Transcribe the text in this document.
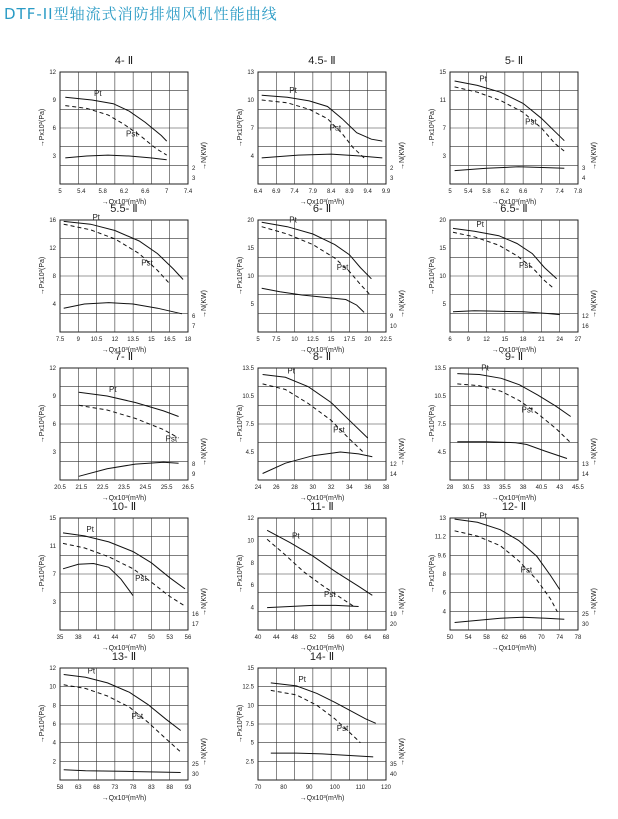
DTF-II型轴流式消防排烟风机性能曲线
4- Ⅱ
5	5.4 5.8 6.2 6.6	7	7.4
3
6
9
12
2
3
→Qx10³(m³/h)
→Px10²(Pa)
→N(KW)
Pt
Pst
4.5- Ⅱ
6.4 6.9 7.4 7.9 8.4 8.9 9.4 9.9
4
7
10
13
2
3
→Qx10³(m³/h)
→Px10²(Pa)
→N(KW)
Pt
Pst
5- Ⅱ
5 5.4 5.8 6.2 6.6 7 7.4 7.8
3
7
11
15
3
4
→Qx10³(m³/h)
→Px10²(Pa)
→N(KW)
Pt
Pst
5.5- Ⅱ
7.5 9 10.5 12 13.5 15 16.5 18
4
8
12
16
6
7
→Qx10³(m³/h)
→Px10²(Pa)
→N(KW)
Pt
Pst
6- Ⅱ
5 7.5 10 12.5 15 17.5 20 22.5
5
10
15
20
9
10
→Qx10³(m³/h)
→Px10²(Pa)
→N(KW)
Pt
Pst
6.5- Ⅱ
6 9 12 15 18 21 24 27
5
10
15
20
12
16
→Qx10³(m³/h)
→Px10²(Pa)
→N(KW)
Pt
Pst
7- Ⅱ
20.5 21.5 22.5 23.5 24.5 25.5 26.5
3
6
9
12
8
9
→Qx10³(m³/h)
→Px10²(Pa)
→N(KW)
Pt
Pst
8- Ⅱ
24 26 28 30 32 34 36 38
4.5
7.5
10.5
13.5
12
14
→Qx10³(m³/h)
→Px10²(Pa)
→N(KW)
Pt
Pst
9- Ⅱ
28 30.5 33 35.5 38 40.5 43 45.5
4.5
7.5
10.5
13.5
13
14
→Qx10³(m³/h)
→Px10²(Pa)
→N(KW)
Pt
Pst
10- Ⅱ
35 38 41 44 47 50 53 56
3
7
11
15
16
17
→Qx10³(m³/h)
→Px10²(Pa)
→N(KW)
Pt
Pst
11- Ⅱ
40 44 48 52 56 60 64 68
4
6
8
10
12
19
20
→Qx10³(m³/h)
→Px10²(Pa)
→N(KW)
Pt
Pst
12- Ⅱ
50 54 58 62 66 70 74 78
4
6
8
9.6
11.2
13
25
30
→Qx10³(m³/h)
→Px10²(Pa)
→N(KW)
Pt
Pst
13- Ⅱ
58 63 68 73 78 83 88 93
2
4
6
8
10
12
25
30
→Qx10³(m³/h)
→Px10²(Pa)
→N(KW)
Pt
Pst
14- Ⅱ
70	80	90	100	110	120
2.5
5
7.5
10
12.5
15
35
40
→Qx10³(m³/h)
→Px10²(Pa)
→N(KW)
Pt
Pst
